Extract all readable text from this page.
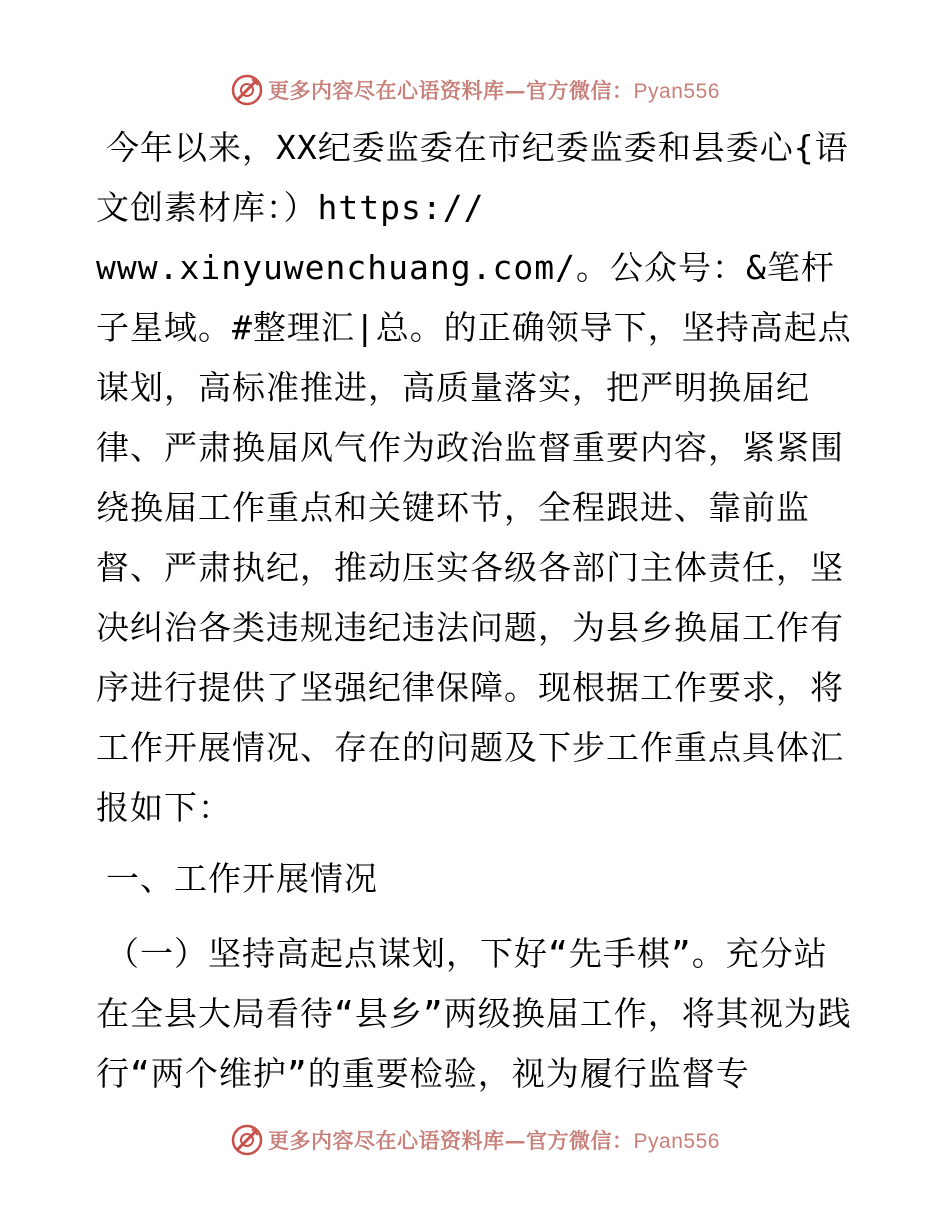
更多内容尽在心语资料库—官方微信：Pyan556

今年以来，XX纪委监委在市纪委监委和县委心{语文创素材库：）https://
www.xinyuwenchuang.com/。公众号：&笔杆子星域。#整理汇|总。的正确领导下，坚持高起点谋划，高标准推进，高质量落实，把严明换届纪律、严肃换届风气作为政治监督重要内容，紧紧围绕换届工作重点和关键环节，全程跟进、靠前监督、严肃执纪，推动压实各级各部门主体责任，坚决纠治各类违规违纪违法问题，为县乡换届工作有序进行提供了坚强纪律保障。现根据工作要求，将工作开展情况、存在的问题及下步工作重点具体汇报如下：

一、工作开展情况

（一）坚持高起点谋划，下好“先手棋”。充分站在全县大局看待“县乡”两级换届工作，将其视为践行“两个维护”的重要检验，视为履行监督专

更多内容尽在心语资料库—官方微信：Pyan556
